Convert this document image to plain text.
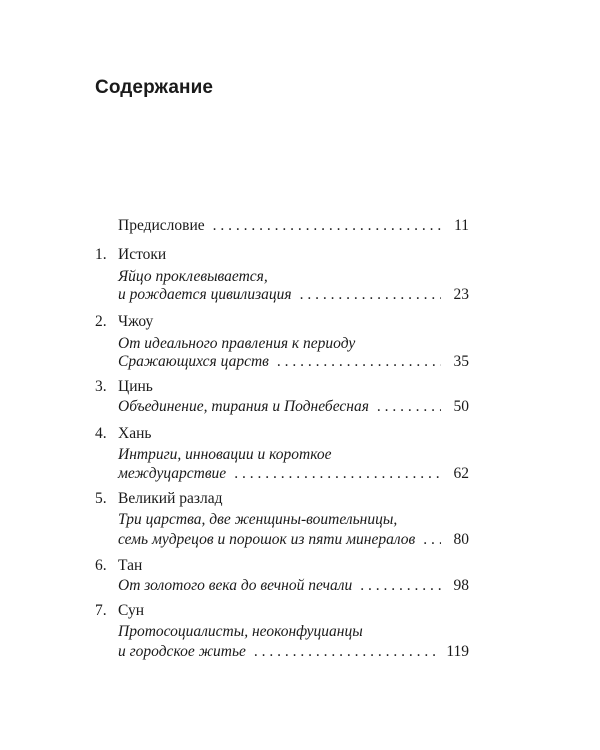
Содержание
Предисловие . . .	11
1. Истоки
Яйцо проклевывается,
и рождается цивилизация . . .	23
2. Чжоу
От идеального правления к периоду
Сражающихся царств . . .	35
3. Цинь
Объединение, тирания и Поднебесная . . .	50
4. Хань
Интриги, инновации и короткое
междуцарствие . . .	62
5. Великий разлад
Три царства, две женщины-воительницы,
семь мудрецов и порошок из пяти минералов . . .	80
6. Тан
От золотого века до вечной печали . . .	98
7. Сун
Протосоциалисты, неоконфуцианцы
и городское житье . . .	119
